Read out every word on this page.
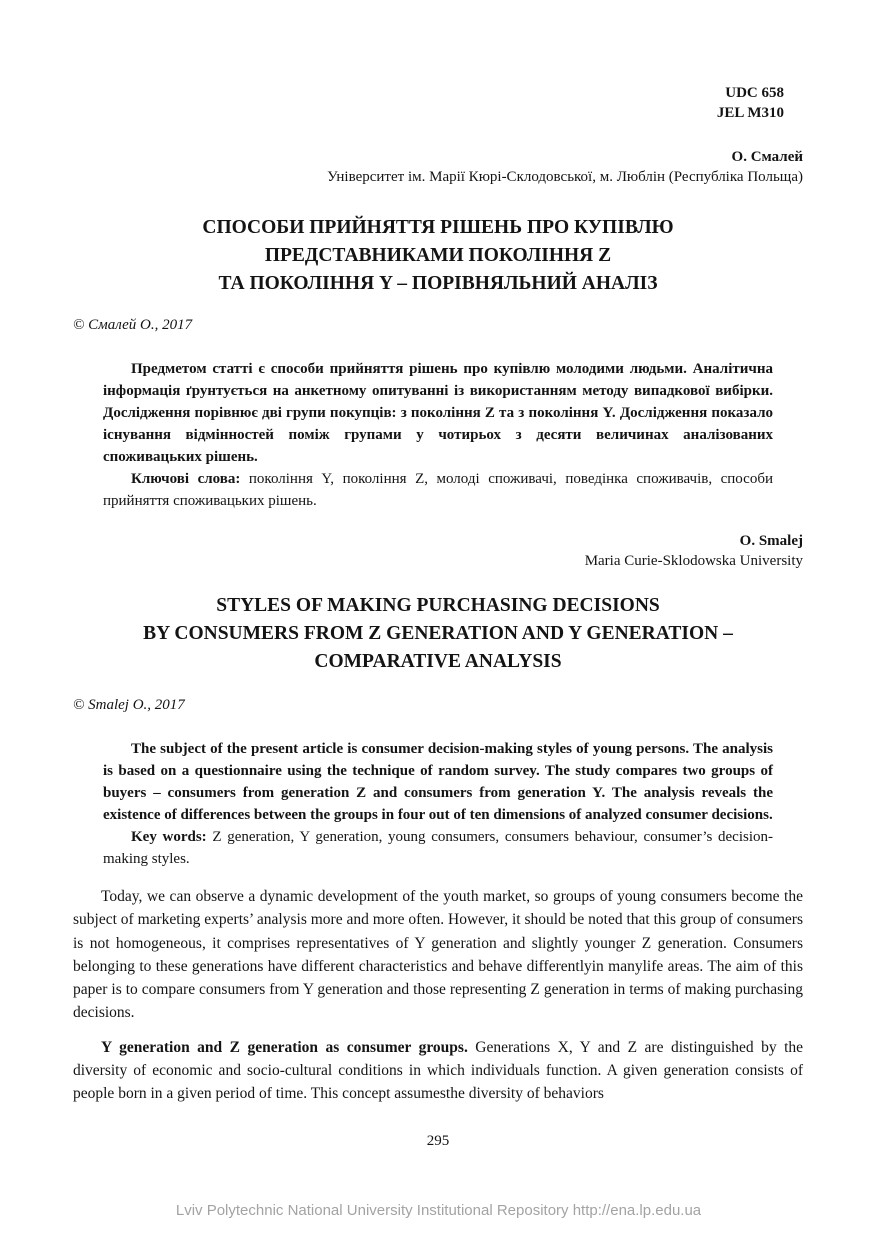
UDC 658
JEL M310
О. Смалей
Університет ім. Марії Кюрі-Склодовської, м. Люблін (Республіка Польща)
СПОСОБИ ПРИЙНЯТТЯ РІШЕНЬ ПРО КУПІВЛЮ
ПРЕДСТАВНИКАМИ ПОКОЛІННЯ Z
ТА ПОКОЛІННЯ Y – ПОРІВНЯЛЬНИЙ АНАЛІЗ
© Смалей О., 2017

Предметом статті є способи прийняття рішень про купівлю молодими людьми. Аналітична інформація ґрунтується на анкетному опитуванні із використанням методу випадкової вибірки. Дослідження порівнює дві групи покупців: з покоління Z та з покоління Y. Дослідження показало існування відмінностей поміж групами у чотирьох з десяти величинах аналізованих споживацьких рішень.

Ключові слова: покоління Y, покоління Z, молоді споживачі, поведінка споживачів, способи прийняття споживацьких рішень.

O. Smalej
Maria Curie-Sklodowska University
STYLES OF MAKING PURCHASING DECISIONS
BY CONSUMERS FROM Z GENERATION AND Y GENERATION –
COMPARATIVE ANALYSIS
© Smalej O., 2017

The subject of the present article is consumer decision-making styles of young persons. The analysis is based on a questionnaire using the technique of random survey. The study compares two groups of buyers – consumers from generation Z and consumers from generation Y. The analysis reveals the existence of differences between the groups in four out of ten dimensions of analyzed consumer decisions.

Key words: Z generation, Y generation, young consumers, consumers behaviour, consumer’s decision-making styles.

Today, we can observe a dynamic development of the youth market, so groups of young consumers become the subject of marketing experts’ analysis more and more often. However, it should be noted that this group of consumers is not homogeneous, it comprises representatives of Y generation and slightly younger Z generation. Consumers belonging to these generations have different characteristics and behave differentlyin manylife areas. The aim of this paper is to compare consumers from Y generation and those representing Z generation in terms of making purchasing decisions.

Y generation and Z generation as consumer groups. Generations X, Y and Z are distinguished by the diversity of economic and socio-cultural conditions in which individuals function. A given generation consists of people born in a given period of time. This concept assumesthe diversity of behaviors

295
Lviv Polytechnic National University Institutional Repository http://ena.lp.edu.ua
